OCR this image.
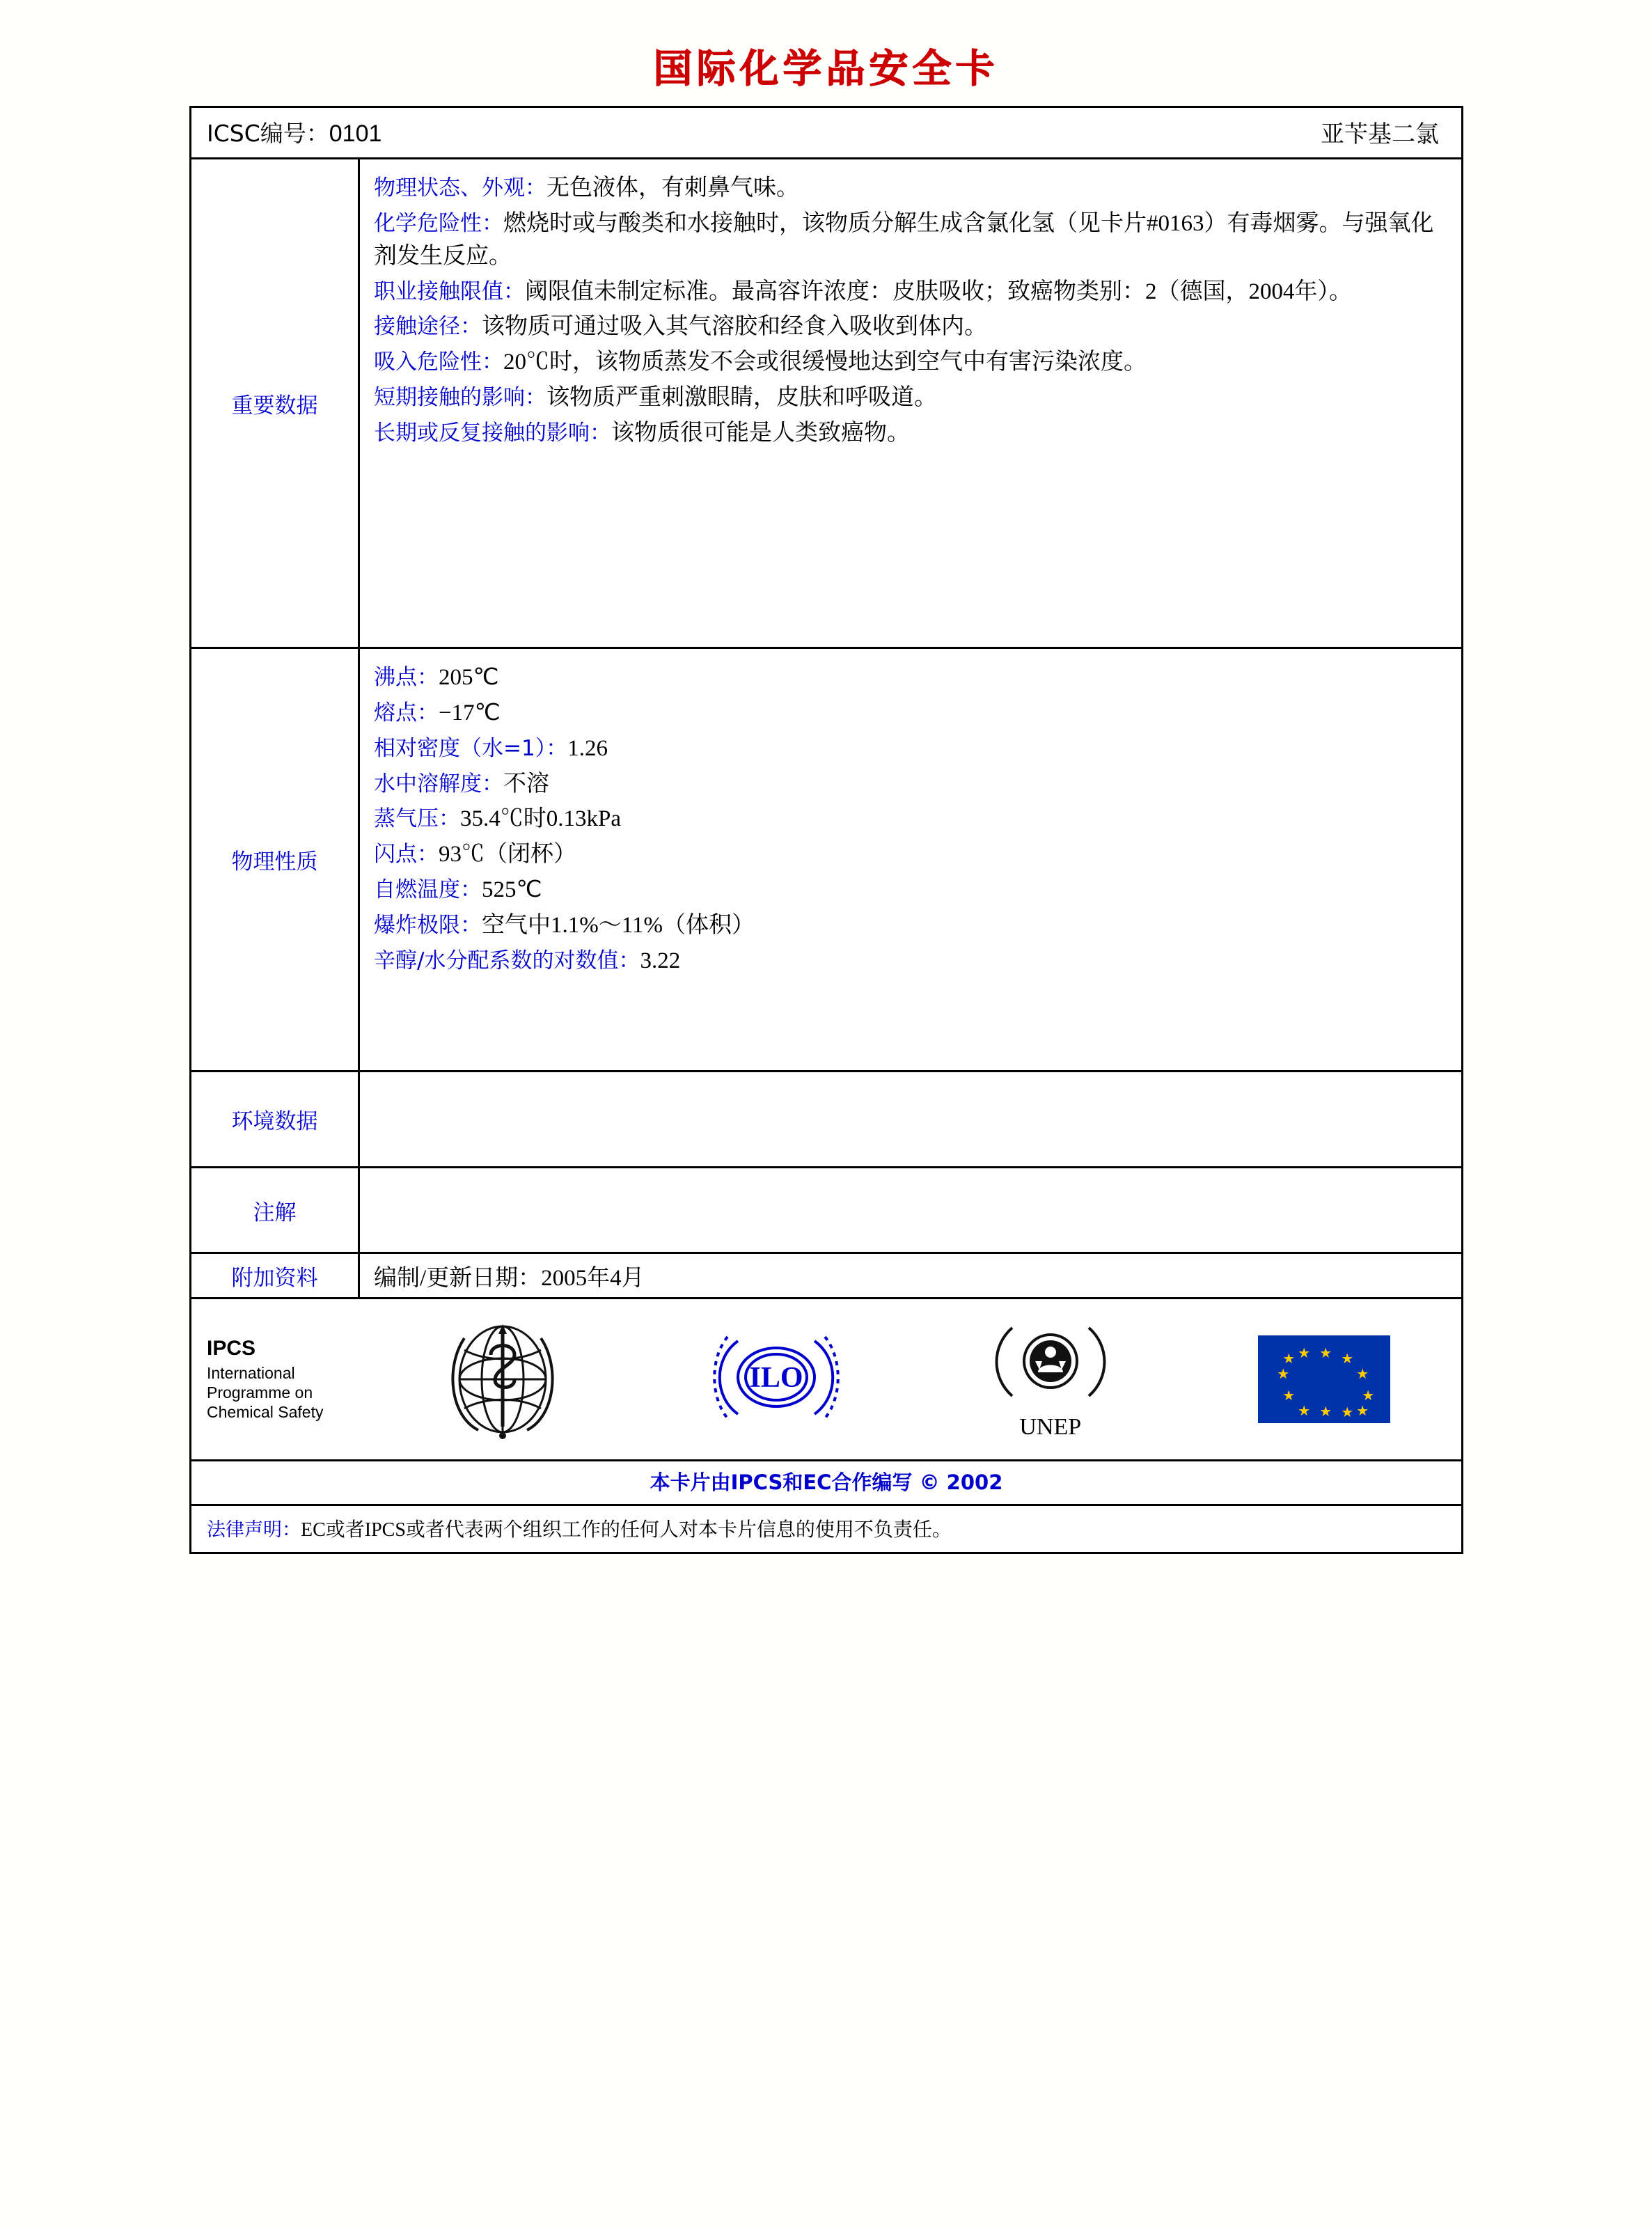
国际化学品安全卡
ICSC编号：0101	亚苄基二氯
重要数据

物理状态、外观：无色液体，有刺鼻气味。

化学危险性：燃烧时或与酸类和水接触时，该物质分解生成含氯化氢（见卡片#0163）有毒烟雾。与强氧化剂发生反应。

职业接触限值：阈限值未制定标准。最高容许浓度：皮肤吸收；致癌物类别：2（德国，2004年）。

接触途径：该物质可通过吸入其气溶胶和经食入吸收到体内。

吸入危险性：20℃时，该物质蒸发不会或很缓慢地达到空气中有害污染浓度。

短期接触的影响：该物质严重刺激眼睛，皮肤和呼吸道。

长期或反复接触的影响：该物质很可能是人类致癌物。

物理性质

沸点：205℃

熔点：−17℃

相对密度（水=1）：1.26

水中溶解度：不溶

蒸气压：35.4℃时0.13kPa

闪点：93℃（闭杯）

自燃温度：525℃

爆炸极限：空气中1.1%～11%（体积）

辛醇/水分配系数的对数值：3.22

环境数据
注解
附加资料	编制/更新日期：2005年4月
IPCS
International
Programme on
Chemical Safety
ILO
UNEP
★ ★
★
★
★
★
★
★
★
★
★ ★
本卡片由IPCS和EC合作编写 © 2002
法律声明：EC或者IPCS或者代表两个组织工作的任何人对本卡片信息的使用不负责任。
